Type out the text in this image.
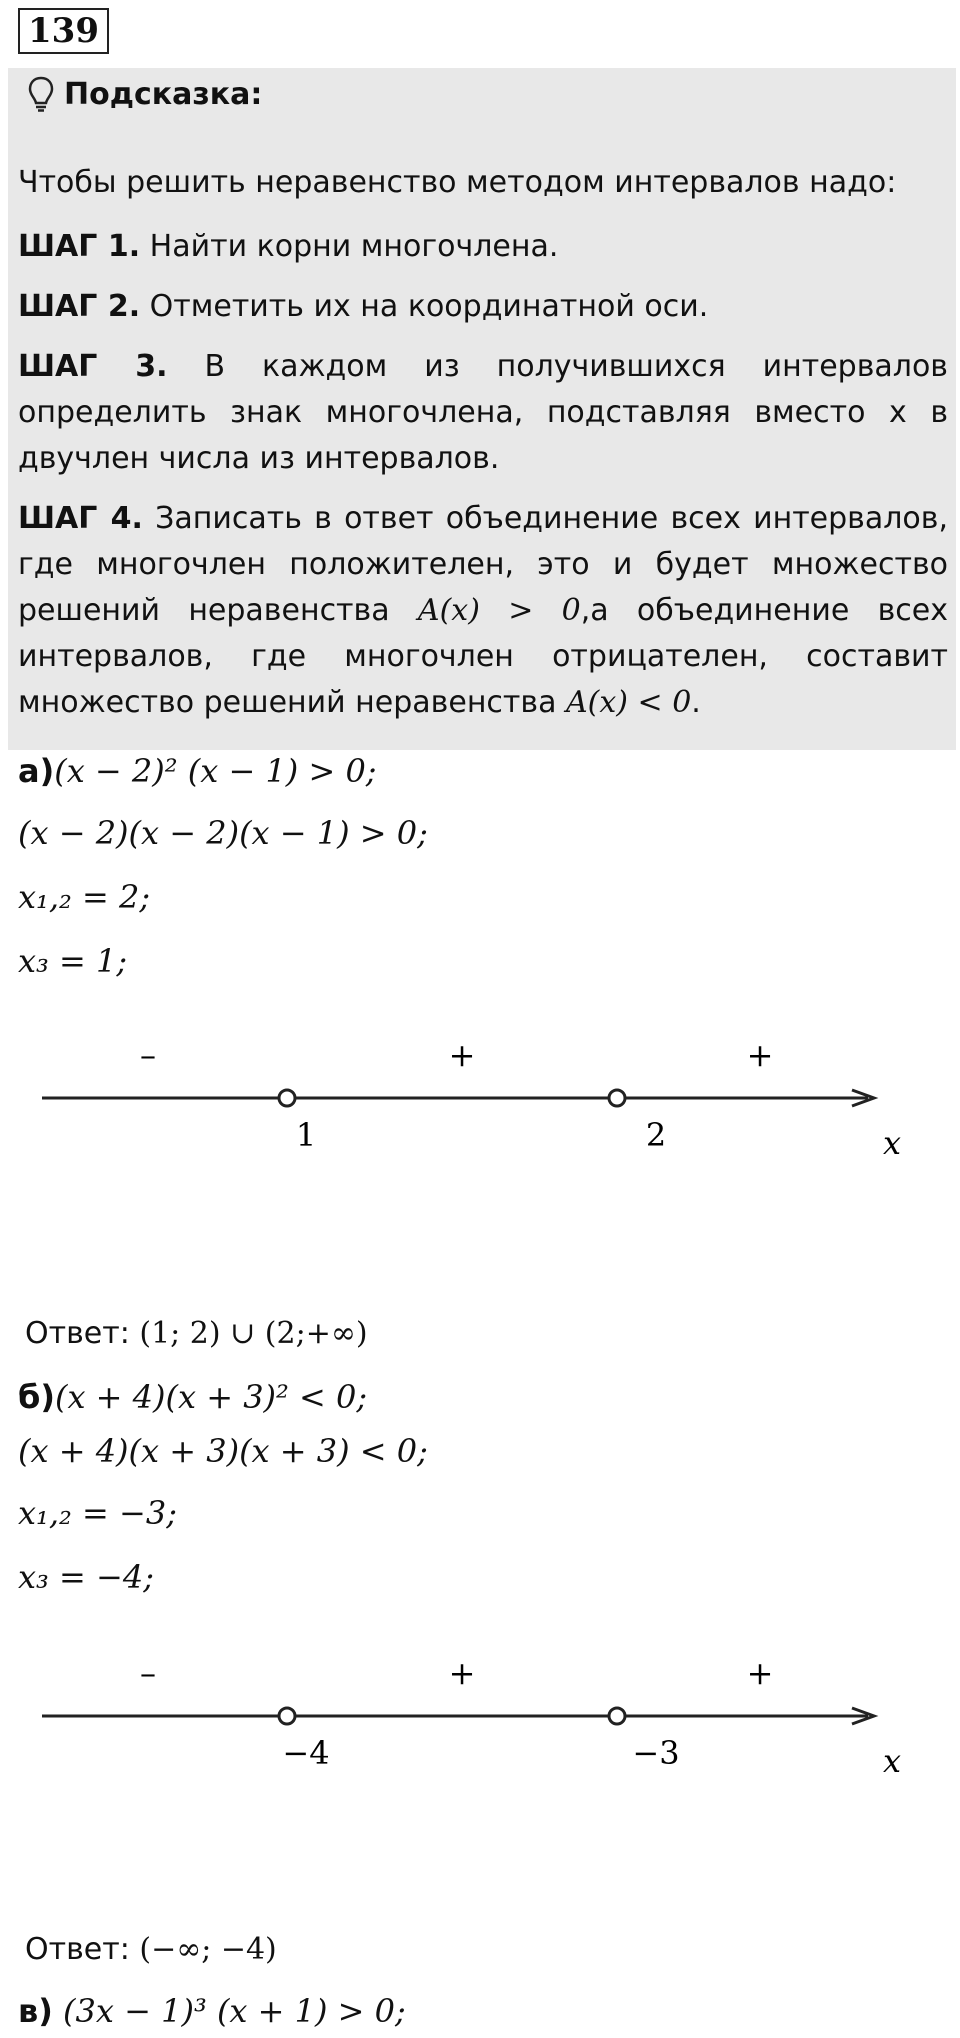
139
Подсказка:

Чтобы решить неравенство методом интервалов надо:

ШАГ 1. Найти корни многочлена.

ШАГ 2. Отметить их на координатной оси.

ШАГ 3. В каждом из получившихся интервалов определить знак многочлена, подставляя вместо x в двучлен числа из интервалов.

ШАГ 4. Записать в ответ объединение всех интервалов, где многочлен положителен, это и будет множество решений неравенства A(x) > 0,а объединение всех интервалов, где многочлен отрицателен, составит множество решений неравенства A(x) < 0.

а)(x − 2)² (x − 1) > 0;
(x − 2)(x − 2)(x − 1) > 0;
x₁,₂ = 2;
x₃ = 1;
–	+	+
1	2	x
Ответ: (1; 2) ∪ (2;+∞)
б)(x + 4)(x + 3)² < 0;
(x + 4)(x + 3)(x + 3) < 0;
x₁,₂ = −3;
x₃ = −4;
–	+	+
−4	−3	x
Ответ: (−∞; −4)
в) (3x − 1)³ (x + 1) > 0;
